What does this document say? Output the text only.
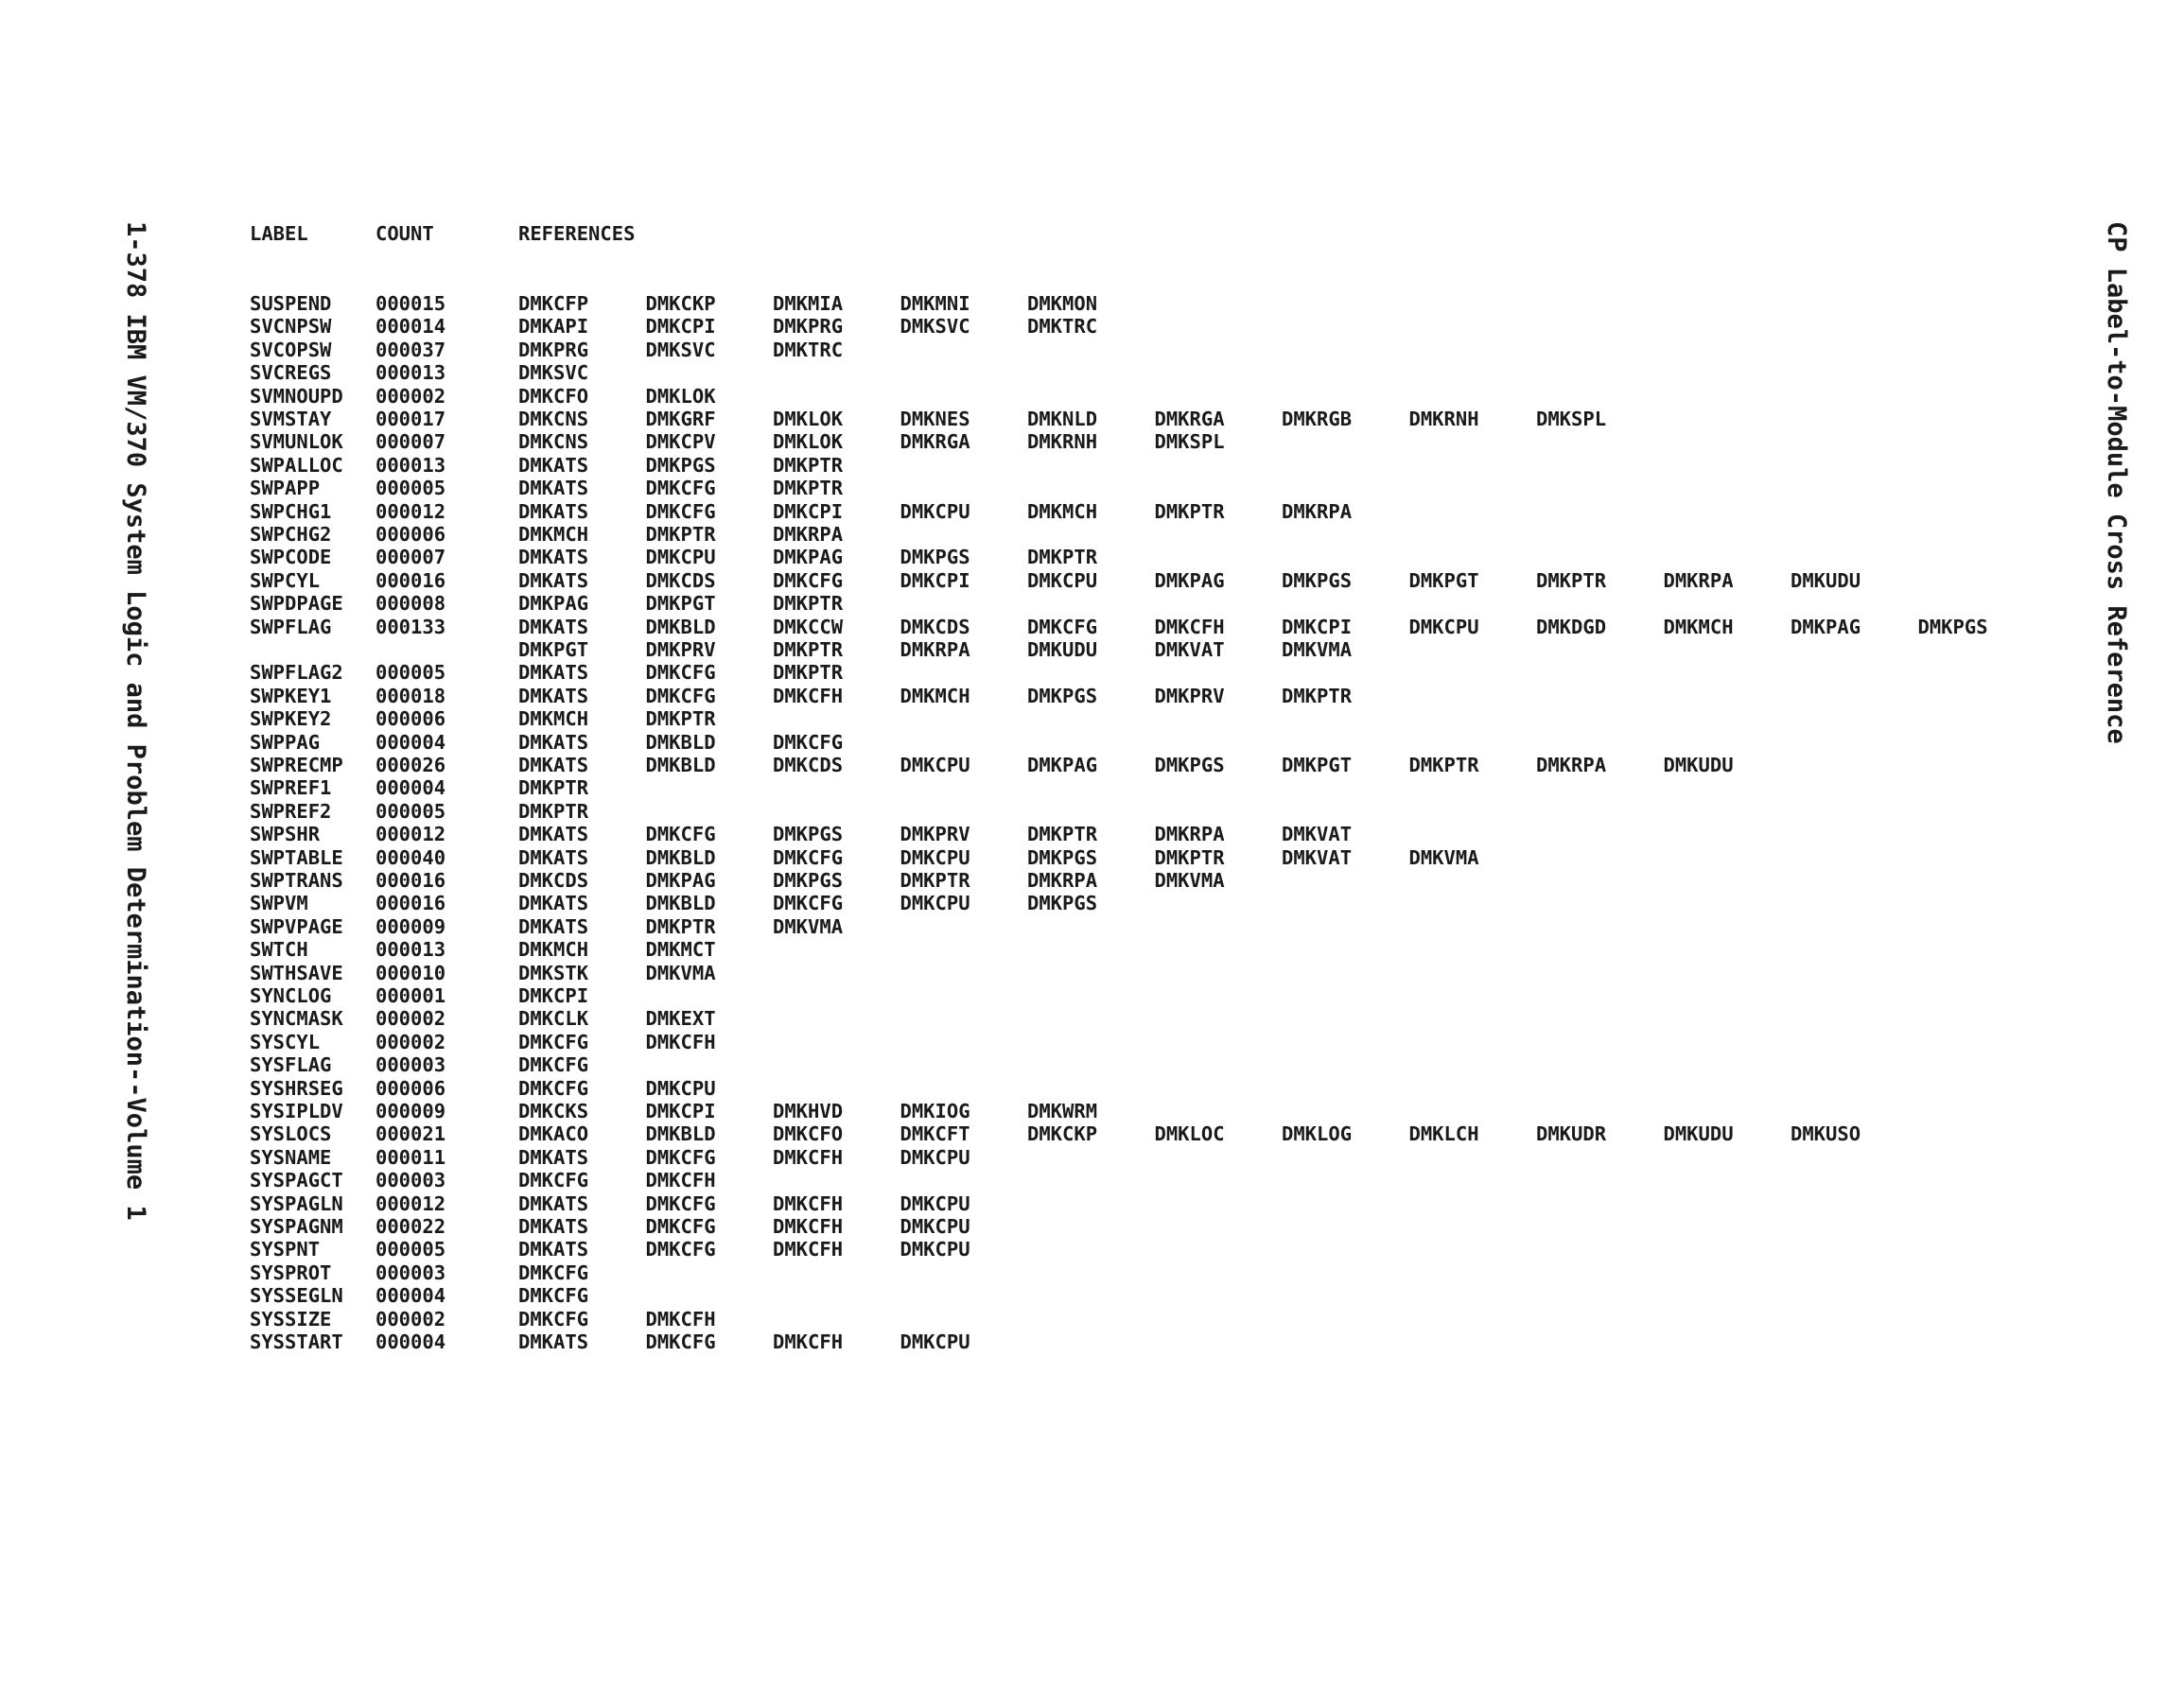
1-378 IBM VM/370 System Logic and Problem Determination--Volume 1	CP Label-to-Module Cross Reference
LABEL	COUNT	REFERENCES
SUSPEND 000015	DMKCFP	DMKCKP	DMKMIA	DMKMNI	DMKMON
SVCNPSW 000014	DMKAPI	DMKCPI	DMKPRG	DMKSVC	DMKTRC
SVCOPSW 000037	DMKPRG	DMKSVC	DMKTRC
SVCREGS 000013	DMKSVC
SVMNOUPD 000002	DMKCFO	DMKLOK
SVMSTAY 000017	DMKCNS	DMKGRF	DMKLOK	DMKNES	DMKNLD	DMKRGA	DMKRGB	DMKRNH	DMKSPL
SVMUNLOK 000007	DMKCNS	DMKCPV	DMKLOK	DMKRGA	DMKRNH	DMKSPL
SWPALLOC 000013	DMKATS	DMKPGS	DMKPTR
SWPAPP	000005	DMKATS	DMKCFG	DMKPTR
SWPCHG1 000012	DMKATS	DMKCFG	DMKCPI	DMKCPU	DMKMCH	DMKPTR	DMKRPA
SWPCHG2 000006	DMKMCH	DMKPTR	DMKRPA
SWPCODE 000007	DMKATS	DMKCPU	DMKPAG	DMKPGS	DMKPTR
SWPCYL	000016	DMKATS	DMKCDS	DMKCFG	DMKCPI	DMKCPU	DMKPAG	DMKPGS	DMKPGT	DMKPTR	DMKRPA	DMKUDU
SWPDPAGE 000008	DMKPAG	DMKPGT	DMKPTR
SWPFLAG 000133	DMKATS	DMKBLD	DMKCCW	DMKCDS	DMKCFG	DMKCFH	DMKCPI	DMKCPU	DMKDGD	DMKMCH	DMKPAG	DMKPGS
DMKPGT	DMKPRV	DMKPTR	DMKRPA	DMKUDU	DMKVAT	DMKVMA
SWPFLAG2 000005	DMKATS	DMKCFG	DMKPTR
SWPKEY1 000018	DMKATS	DMKCFG	DMKCFH	DMKMCH	DMKPGS	DMKPRV	DMKPTR
SWPKEY2 000006	DMKMCH	DMKPTR
SWPPAG	000004	DMKATS	DMKBLD	DMKCFG
SWPRECMP 000026	DMKATS	DMKBLD	DMKCDS	DMKCPU	DMKPAG	DMKPGS	DMKPGT	DMKPTR	DMKRPA	DMKUDU
SWPREF1 000004	DMKPTR
SWPREF2 000005	DMKPTR
SWPSHR	000012	DMKATS	DMKCFG	DMKPGS	DMKPRV	DMKPTR	DMKRPA	DMKVAT
SWPTABLE 000040	DMKATS	DMKBLD	DMKCFG	DMKCPU	DMKPGS	DMKPTR	DMKVAT	DMKVMA
SWPTRANS 000016	DMKCDS	DMKPAG	DMKPGS	DMKPTR	DMKRPA	DMKVMA
SWPVM	000016	DMKATS	DMKBLD	DMKCFG	DMKCPU	DMKPGS
SWPVPAGE 000009	DMKATS	DMKPTR	DMKVMA
SWTCH	000013	DMKMCH	DMKMCT
SWTHSAVE 000010	DMKSTK	DMKVMA
SYNCLOG 000001	DMKCPI
SYNCMASK 000002	DMKCLK	DMKEXT
SYSCYL	000002	DMKCFG	DMKCFH
SYSFLAG 000003	DMKCFG
SYSHRSEG 000006	DMKCFG	DMKCPU
SYSIPLDV 000009	DMKCKS	DMKCPI	DMKHVD	DMKIOG	DMKWRM
SYSLOCS 000021	DMKACO	DMKBLD	DMKCFO	DMKCFT	DMKCKP	DMKLOC	DMKLOG	DMKLCH	DMKUDR	DMKUDU	DMKUSO
SYSNAME 000011	DMKATS	DMKCFG	DMKCFH	DMKCPU
SYSPAGCT 000003	DMKCFG	DMKCFH
SYSPAGLN 000012	DMKATS	DMKCFG	DMKCFH	DMKCPU
SYSPAGNM 000022	DMKATS	DMKCFG	DMKCFH	DMKCPU
SYSPNT	000005	DMKATS	DMKCFG	DMKCFH	DMKCPU
SYSPROT 000003	DMKCFG
SYSSEGLN 000004	DMKCFG
SYSSIZE 000002	DMKCFG	DMKCFH
SYSSTART 000004	DMKATS	DMKCFG	DMKCFH	DMKCPU
